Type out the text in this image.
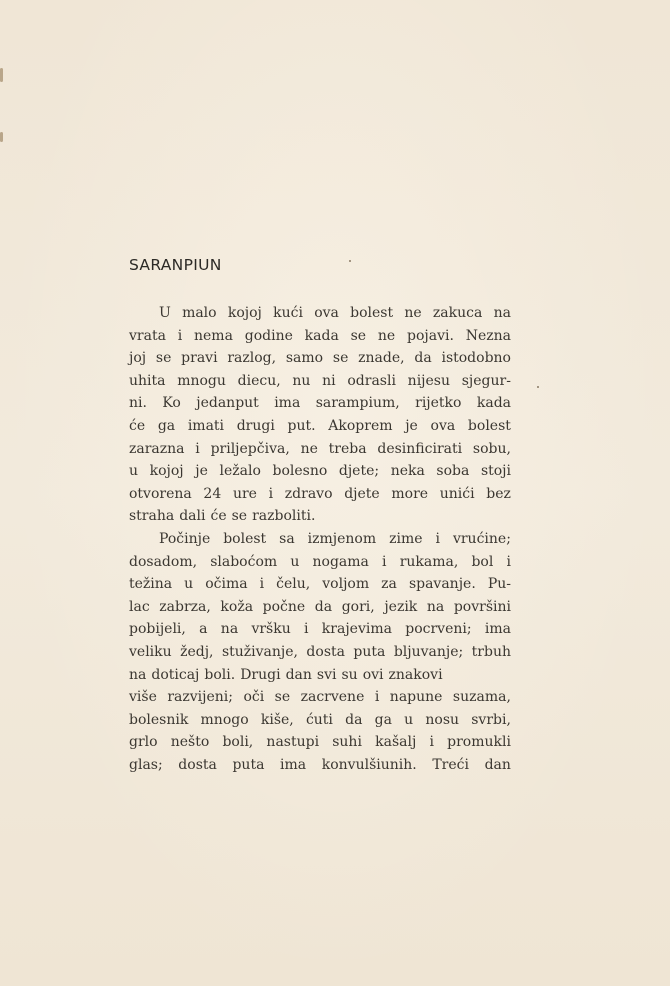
SARANPIUN
U malo kojoj kući ova bolest ne zakuca na
vrata i nema godine kada se ne pojavi. Nezna
joj se pravi razlog, samo se znade, da istodobno
uhita mnogu diecu, nu ni odrasli nijesu sjegur-
ni. Ko jedanput ima sarampium, rijetko kada
će ga imati drugi put. Akoprem je ova bolest
zarazna i priljepčiva, ne treba desinficirati sobu,
u kojoj je ležalo bolesno djete; neka soba stoji
otvorena 24 ure i zdravo djete more unići bez
straha dali će se razboliti.
Počinje bolest sa izmjenom zime i vrućine;
dosadom, slaboćom u nogama i rukama, bol i
težina u očima i čelu, voljom za spavanje. Pu-
lac zabrza, koža počne da gori, jezik na površini
pobijeli, a na vršku i krajevima pocrveni; ima
veliku žedj, stuživanje, dosta puta bljuvanje; trbuh
na doticaj boli. Drugi dan svi su ovi znakovi
više razvijeni; oči se zacrvene i napune suzama,
bolesnik mnogo kiše, ćuti da ga u nosu svrbi,
grlo nešto boli, nastupi suhi kašalj i promukli
glas; dosta puta ima konvulšiunih. Treći dan
